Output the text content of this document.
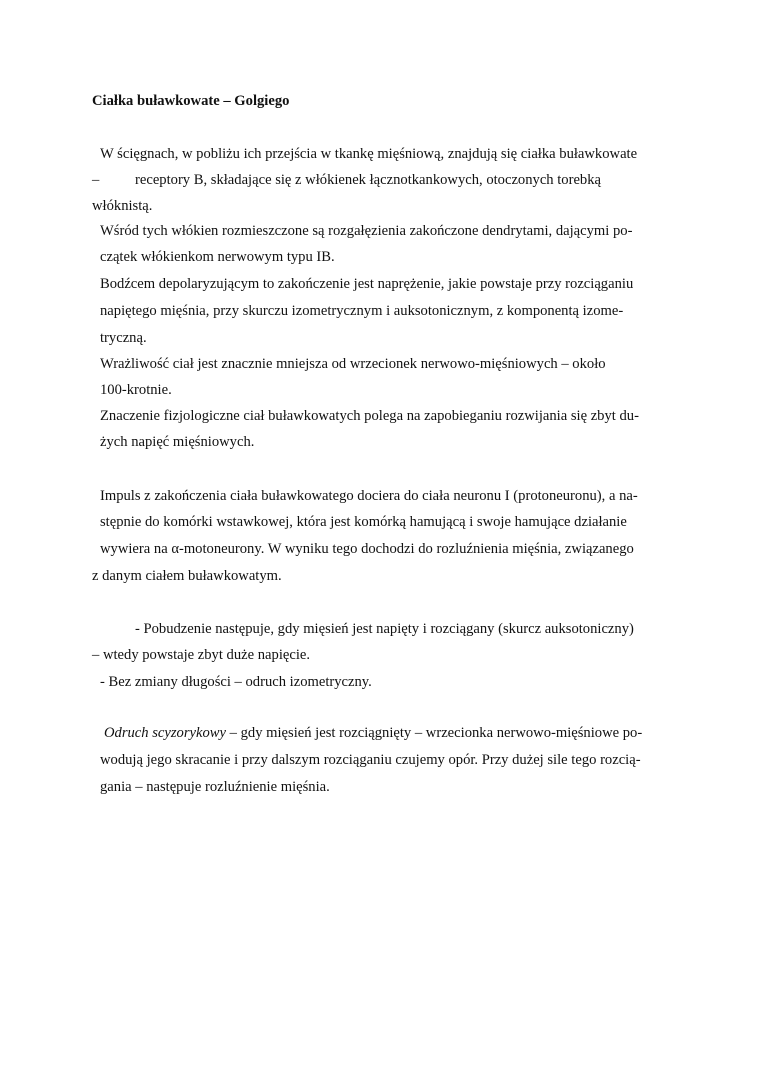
Ciałka buławkowate – Golgiego
W ścięgnach, w pobliżu ich przejścia w tkankę mięśniową, znajdują się ciałka buławkowate
– receptory B, składające się z włókienek łącznotkankowych, otoczonych torebką
włóknistą.
Wśród tych włókien rozmieszczone są rozgałęzienia zakończone dendrytami, dającymi po-
czątek włókienkom nerwowym typu IB.
Bodźcem depolaryzującym to zakończenie jest naprężenie, jakie powstaje przy rozciąganiu
napiętego mięśnia, przy skurczu izometrycznym i auksotonicznym, z komponentą izome-
tryczną.
Wrażliwość ciał jest znacznie mniejsza od wrzecionek nerwowo-mięśniowych – około
100-krotnie.
Znaczenie fizjologiczne ciał buławkowatych polega na zapobieganiu rozwijania się zbyt du-
żych napięć mięśniowych.
Impuls z zakończenia ciała buławkowatego dociera do ciała neuronu I (protoneuronu), a na-
stępnie do komórki wstawkowej, która jest komórką hamującą i swoje hamujące działanie
wywiera na α-motoneurony. W wyniku tego dochodzi do rozluźnienia mięśnia, związanego
z danym ciałem buławkowatym.
- Pobudzenie następuje, gdy mięsień jest napięty i rozciągany (skurcz auksotoniczny)
– wtedy powstaje zbyt duże napięcie.
- Bez zmiany długości – odruch izometryczny.
Odruch scyzorykowy – gdy mięsień jest rozciągnięty – wrzecionka nerwowo-mięśniowe po-
wodują jego skracanie i przy dalszym rozciąganiu czujemy opór. Przy dużej sile tego rozcią-
gania – następuje rozluźnienie mięśnia.
